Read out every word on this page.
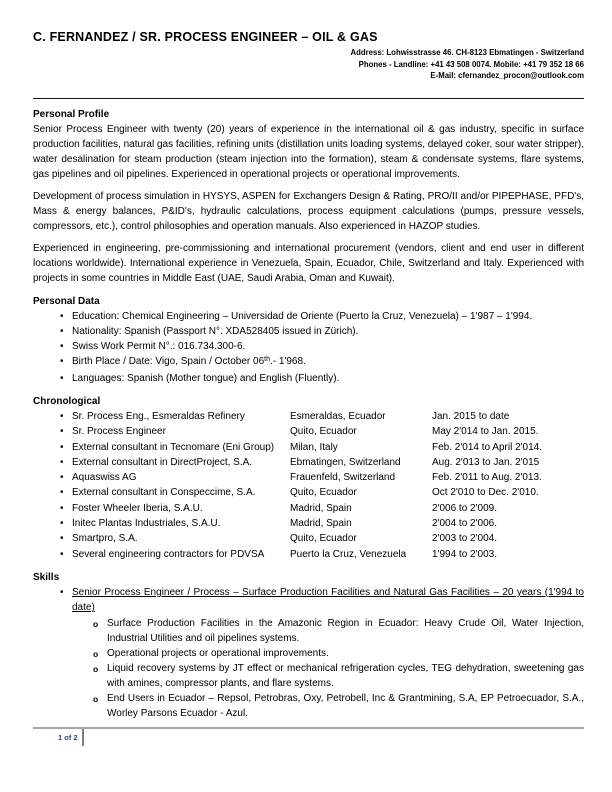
C. FERNANDEZ / SR. PROCESS ENGINEER – OIL & GAS
Address: Lohwisstrasse 46. CH-8123 Ebmatingen - Switzerland
Phones - Landline: +41 43 508 0074. Mobile: +41 79 352 18 66
E-Mail: cfernandez_procon@outlook.com
Personal Profile

Senior Process Engineer with twenty (20) years of experience in the international oil & gas industry, specific in surface production facilities, natural gas facilities, refining units (distillation units loading systems, delayed coker, sour water stripper), water desalination for steam production (steam injection into the formation), steam & condensate systems, flare systems, gas pipelines and oil pipelines. Experienced in operational projects or operational improvements.

Development of process simulation in HYSYS, ASPEN for Exchangers Design & Rating, PRO/II and/or PIPEPHASE, PFD's, Mass & energy balances, P&ID's, hydraulic calculations, process equipment calculations (pumps, pressure vessels, compressors, etc.), control philosophies and operation manuals. Also experienced in HAZOP studies.

Experienced in engineering, pre-commissioning and international procurement (vendors, client and end user in different locations worldwide). International experience in Venezuela, Spain, Ecuador, Chile, Switzerland and Italy. Experienced with projects in some countries in Middle East (UAE, Saudi Arabia, Oman and Kuwait).

Personal Data
• Education: Chemical Engineering – Universidad de Oriente (Puerto la Cruz, Venezuela) – 1'987 – 1'994.
• Nationality: Spanish (Passport N°. XDA528405 issued in Zürich).
• Swiss Work Permit N°.: 016.734.300-6.
• Birth Place / Date: Vigo, Spain / October 06th.- 1'968.
• Languages: Spanish (Mother tongue) and English (Fluently).
Chronological
• Sr. Process Eng., Esmeraldas Refinery	Esmeraldas, Ecuador	Jan. 2015 to date
• Sr. Process Engineer	Quito, Ecuador	May 2'014 to Jan. 2015.
• External consultant in Tecnomare (Eni Group)	Milan, Italy	Feb. 2'014 to April 2'014.
• External consultant in DirectProject, S.A.	Ebmatingen, Switzerland	Aug. 2'013 to Jan. 2'015
• Aquaswiss AG	Frauenfeld, Switzerland	Feb. 2'011 to Aug. 2'013.
• External consultant in Conspeccime, S.A.	Quito, Ecuador	Oct 2'010 to Dec. 2'010.
• Foster Wheeler Iberia, S.A.U.	Madrid, Spain	2'006 to 2'009.
• Initec Plantas Industriales, S.A.U.	Madrid, Spain	2'004 to 2'006.
• Smartpro, S.A.	Quito, Ecuador	2'003 to 2'004.
• Several engineering contractors for PDVSA	Puerto la Cruz, Venezuela	1'994 to 2'003.
Skills
• Senior Process Engineer / Process – Surface Production Facilities and Natural Gas Facilities – 20 years (1'994 to date)
o Surface Production Facilities in the Amazonic Region in Ecuador: Heavy Crude Oil, Water Injection, Industrial Utilities and oil pipelines systems.
o Operational projects or operational improvements.
o Liquid recovery systems by JT effect or mechanical refrigeration cycles, TEG dehydration, sweetening gas with amines, compressor plants, and flare systems.
o End Users in Ecuador – Repsol, Petrobras, Oxy, Petrobell, Inc & Grantmining, S.A, EP Petroecuador, S.A., Worley Parsons Ecuador - Azul.
1 of 2
